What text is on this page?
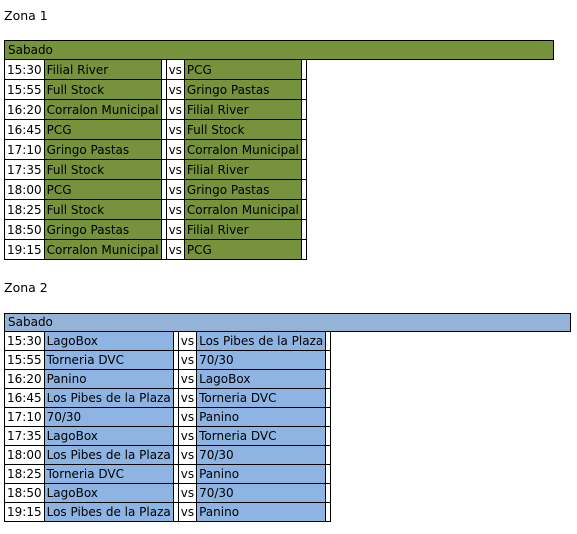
Zona 1
Sabado
15:30	Filial River		vs	PCG	
15:55	Full Stock		vs	Gringo Pastas	
16:20	Corralon Municipal		vs	Filial River	
16:45	PCG		vs	Full Stock	
17:10	Gringo Pastas		vs	Corralon Municipal	
17:35	Full Stock		vs	Filial River	
18:00	PCG		vs	Gringo Pastas	
18:25	Full Stock		vs	Corralon Municipal	
18:50	Gringo Pastas		vs	Filial River	
19:15	Corralon Municipal		vs	PCG	
Zona 2
Sabado
15:30	LagoBox		vs	Los Pibes de la Plaza	
15:55	Torneria DVC		vs	70/30	
16:20	Panino		vs	LagoBox	
16:45	Los Pibes de la Plaza		vs	Torneria DVC	
17:10	70/30		vs	Panino	
17:35	LagoBox		vs	Torneria DVC	
18:00	Los Pibes de la Plaza		vs	70/30	
18:25	Torneria DVC		vs	Panino	
18:50	LagoBox		vs	70/30	
19:15	Los Pibes de la Plaza		vs	Panino	
